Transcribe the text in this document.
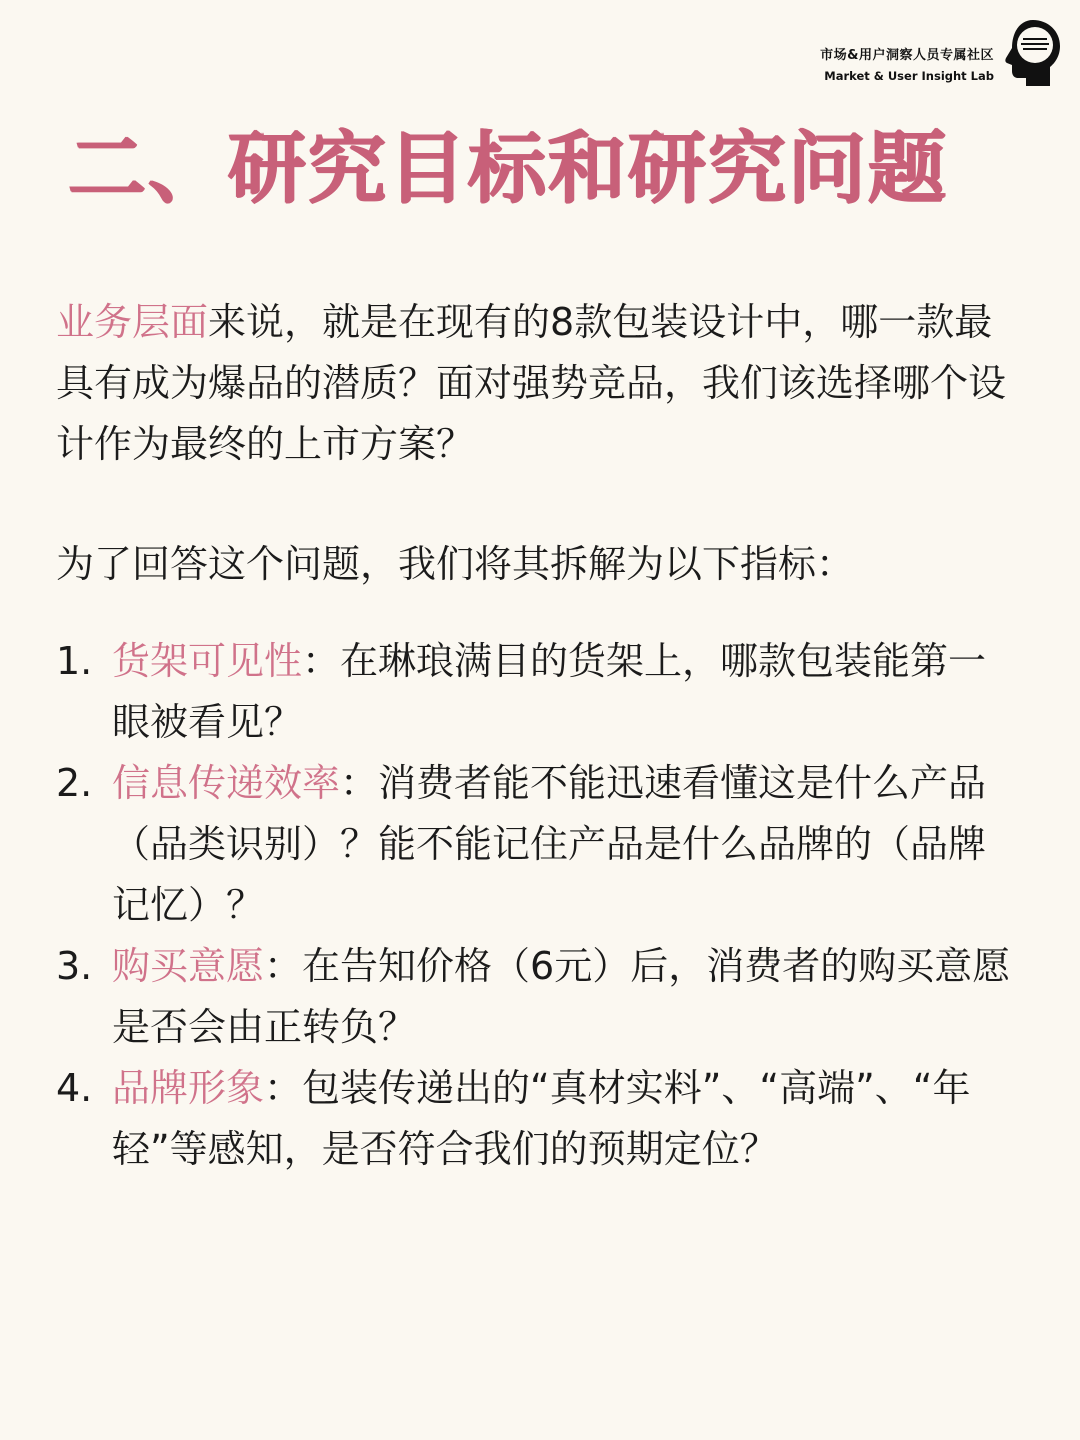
市场&用户洞察人员专属社区
Market & User Insight Lab
二、研究目标和研究问题
业务层面来说，就是在现有的8款包装设计中，哪一款最具有成为爆品的潜质？面对强势竞品，我们该选择哪个设计作为最终的上市方案？
为了回答这个问题，我们将其拆解为以下指标：
1. 货架可见性：在琳琅满目的货架上，哪款包装能第一眼被看见？
2. 信息传递效率：消费者能不能迅速看懂这是什么产品（品类识别）？能不能记住产品是什么品牌的（品牌记忆）？
3. 购买意愿：在告知价格（6元）后，消费者的购买意愿是否会由正转负？
4. 品牌形象：包装传递出的“真材实料”、“高端”、“年轻”等感知，是否符合我们的预期定位？
